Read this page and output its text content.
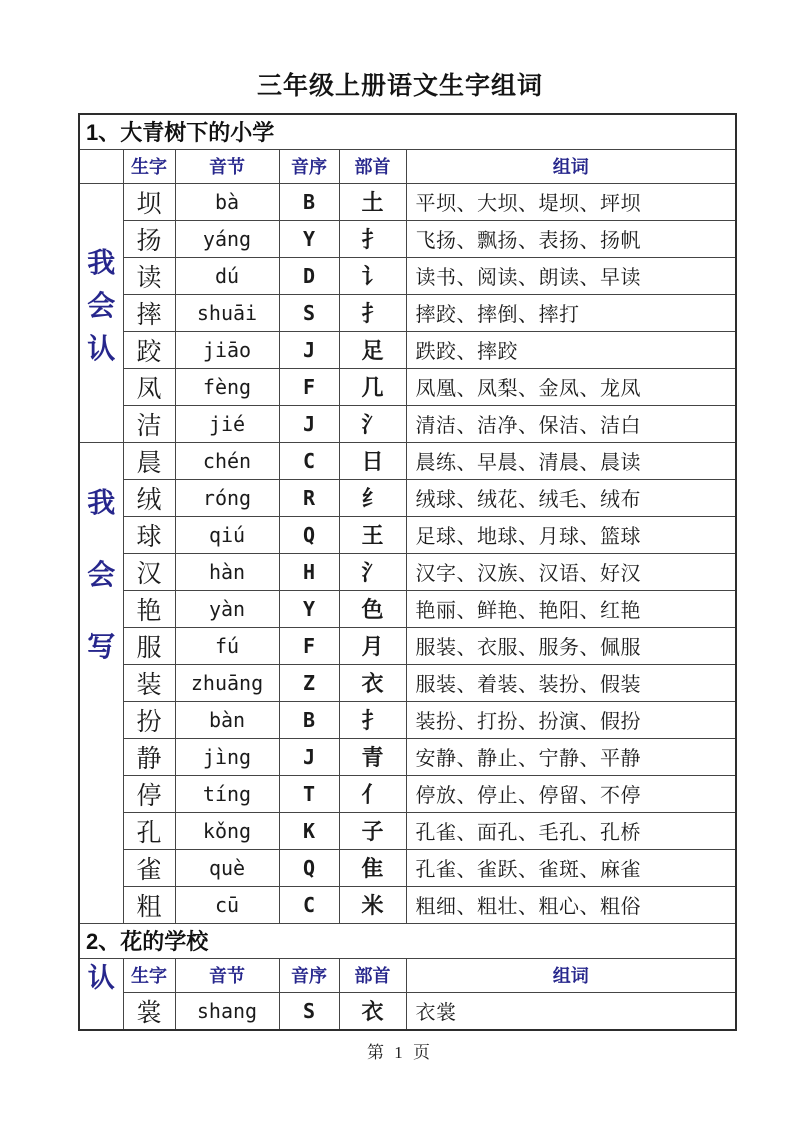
三年级上册语文生字组词
1、大青树下的小学					
	生字	音节	音序	部首	组词

我会认	坝	bà	B	土	平坝、大坝、堤坝、坪坝
	扬	yáng	Y	扌	飞扬、飘扬、表扬、扬帆
	读	dú	D	讠	读书、阅读、朗读、早读
	摔	shuāi	S	扌	摔跤、摔倒、摔打
	跤	jiāo	J	足	跌跤、摔跤
	凤	fèng	F	几	凤凰、凤梨、金凤、龙凤
	洁	jié	J	氵	清洁、洁净、保洁、洁白

我会写	晨	chén	C	日	晨练、早晨、清晨、晨读
	绒	róng	R	纟	绒球、绒花、绒毛、绒布
	球	qiú	Q	王	足球、地球、月球、篮球
	汉	hàn	H	氵	汉字、汉族、汉语、好汉
	艳	yàn	Y	色	艳丽、鲜艳、艳阳、红艳
	服	fú	F	月	服装、衣服、服务、佩服
	装	zhuāng	Z	衣	服装、着装、装扮、假装
	扮	bàn	B	扌	装扮、打扮、扮演、假扮
	静	jìng	J	青	安静、静止、宁静、平静
	停	tíng	T	亻	停放、停止、停留、不停
	孔	kǒng	K	子	孔雀、面孔、毛孔、孔桥
	雀	què	Q	隹	孔雀、雀跃、雀斑、麻雀
	粗	cū	C	米	粗细、粗壮、粗心、粗俗
2、花的学校					

认	生字	音节	音序	部首	组词
	裳	shang	S	衣	衣裳
第 1 页
